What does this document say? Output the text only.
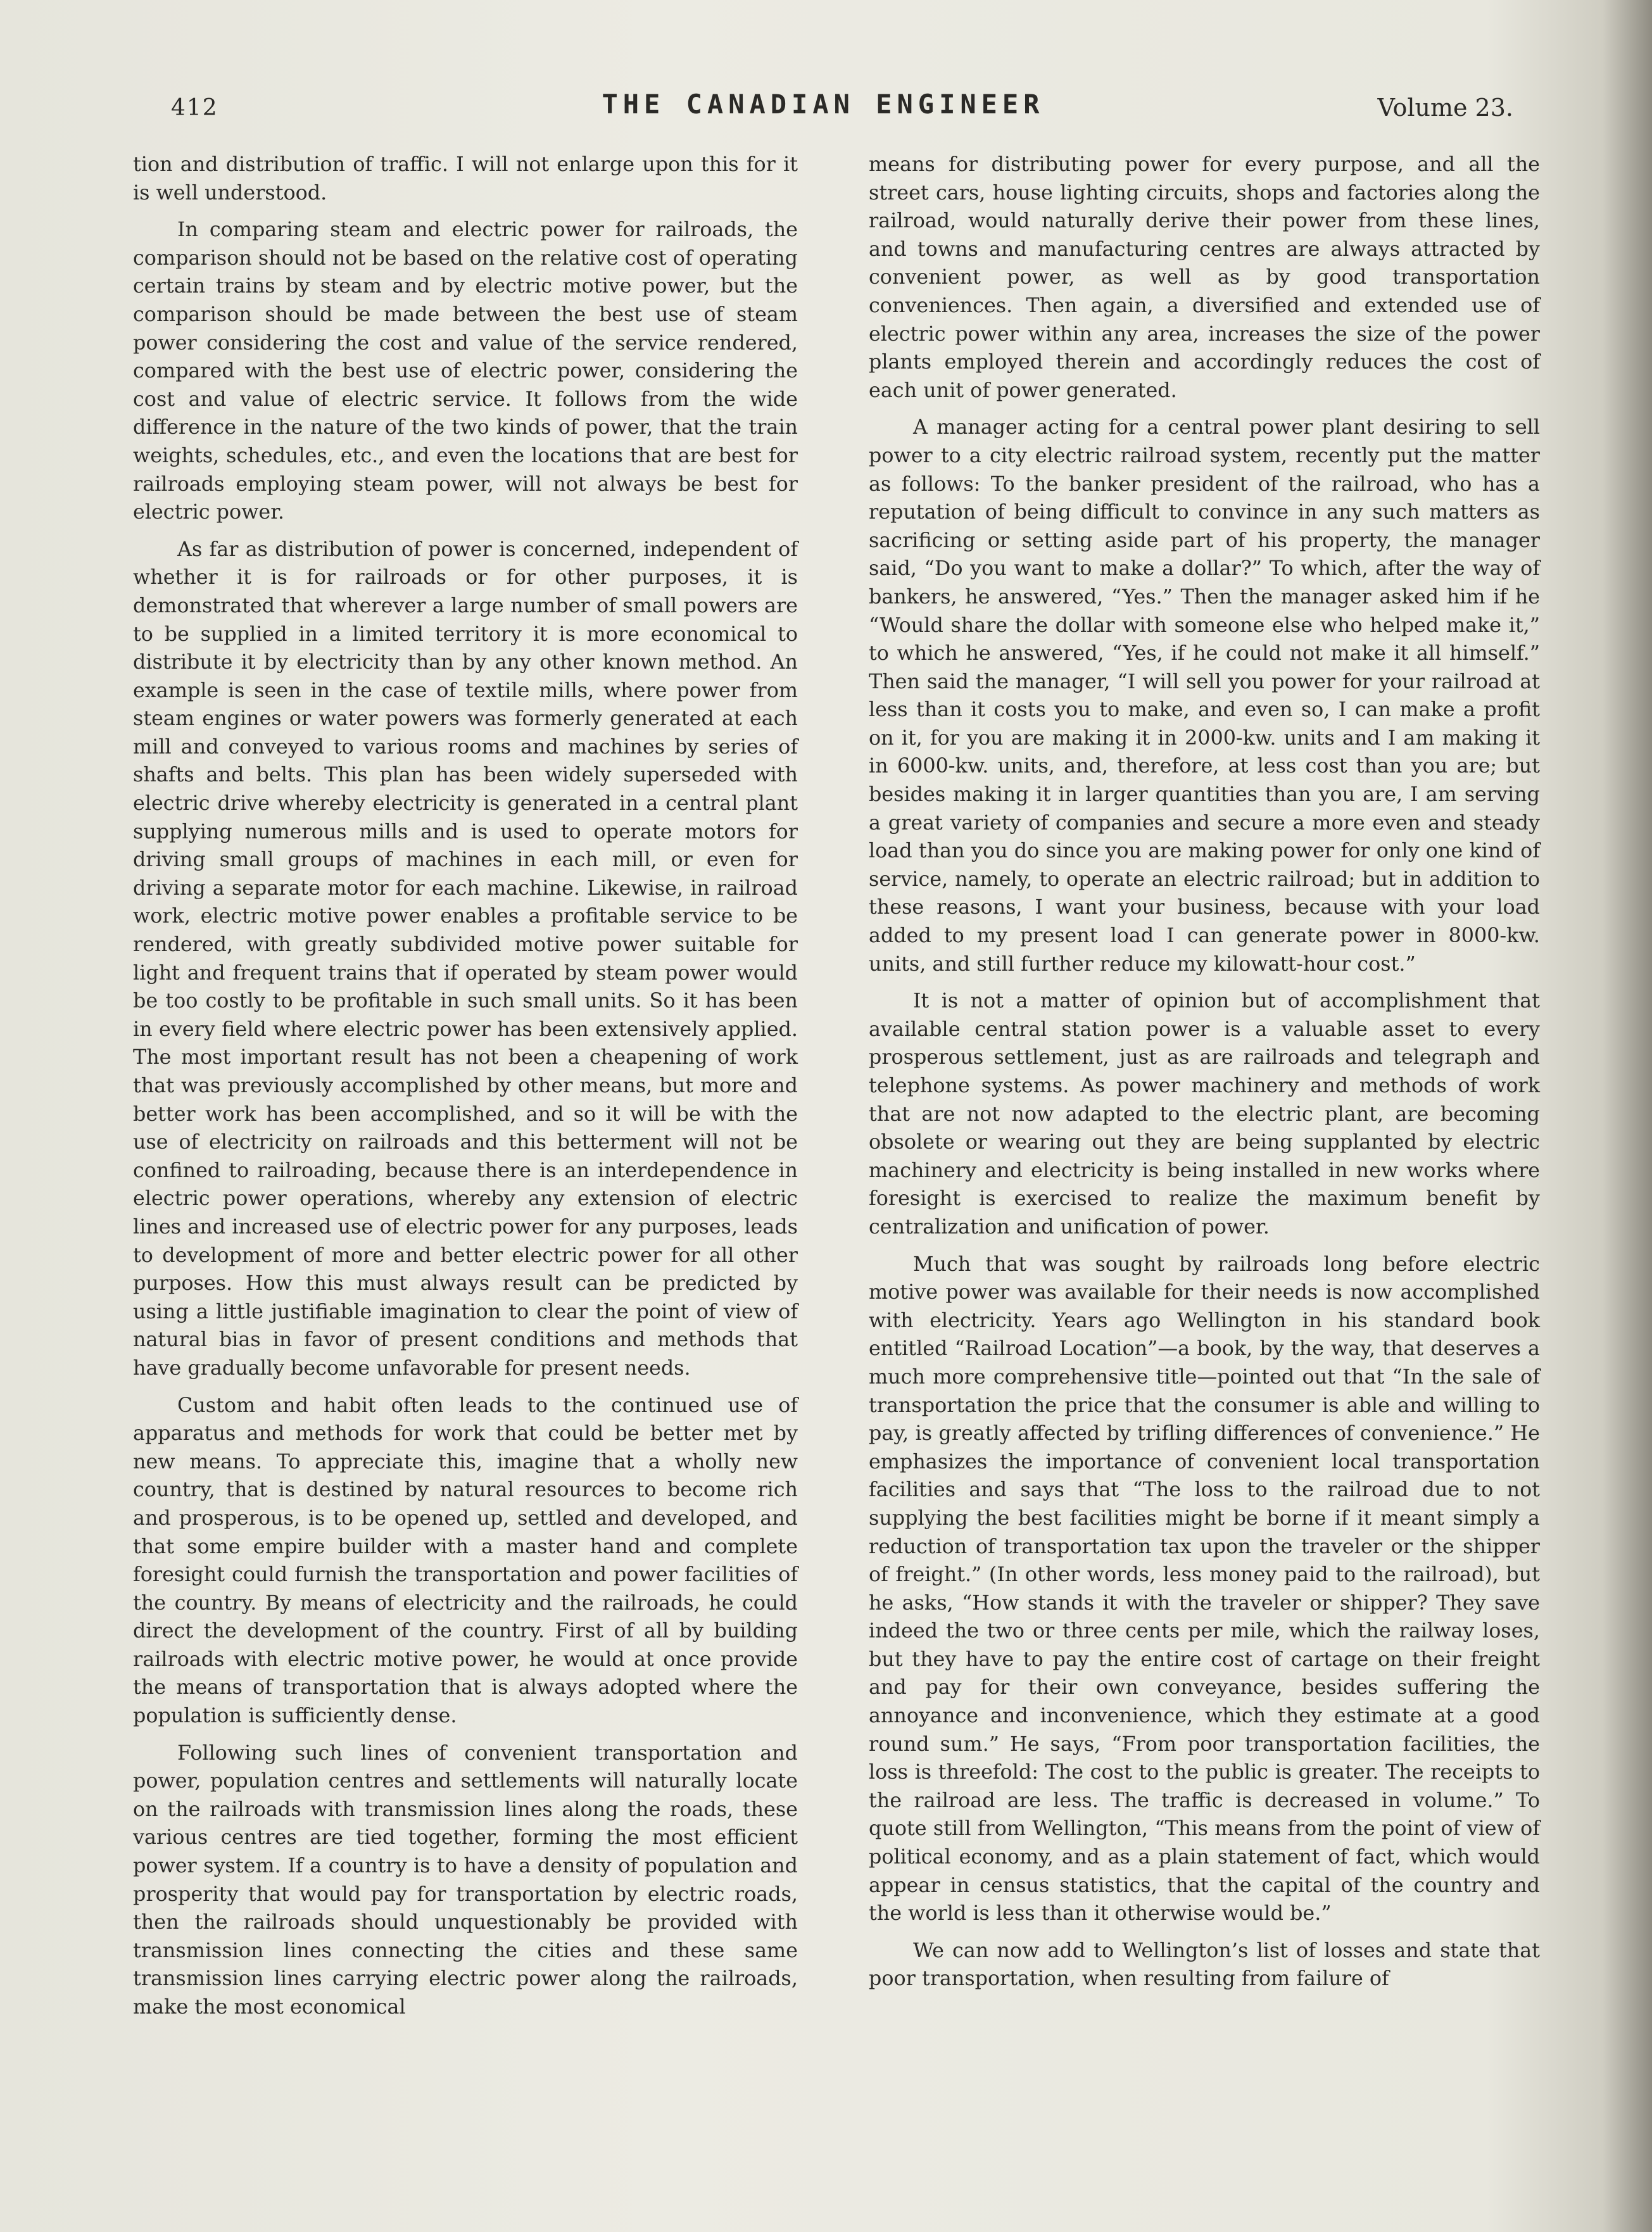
412	THE CANADIAN ENGINEER	Volume 23.

tion and distribution of traffic. I will not enlarge upon this for it is well understood.

In comparing steam and electric power for railroads, the comparison should not be based on the relative cost of operating certain trains by steam and by electric motive power, but the comparison should be made between the best use of steam power considering the cost and value of the service rendered, compared with the best use of electric power, considering the cost and value of electric service. It follows from the wide difference in the nature of the two kinds of power, that the train weights, schedules, etc., and even the locations that are best for railroads employing steam power, will not always be best for electric power.

As far as distribution of power is concerned, independent of whether it is for railroads or for other purposes, it is demonstrated that wherever a large number of small powers are to be supplied in a limited territory it is more economical to distribute it by electricity than by any other known method. An example is seen in the case of textile mills, where power from steam engines or water powers was formerly generated at each mill and conveyed to various rooms and machines by series of shafts and belts. This plan has been widely superseded with electric drive whereby electricity is generated in a central plant supplying numerous mills and is used to operate motors for driving small groups of machines in each mill, or even for driving a separate motor for each machine. Likewise, in railroad work, electric motive power enables a profitable service to be rendered, with greatly subdivided motive power suitable for light and frequent trains that if operated by steam power would be too costly to be profitable in such small units. So it has been in every field where electric power has been extensively applied. The most important result has not been a cheapening of work that was previously accomplished by other means, but more and better work has been accomplished, and so it will be with the use of electricity on railroads and this betterment will not be confined to railroading, because there is an interdependence in electric power operations, whereby any extension of electric lines and increased use of electric power for any purposes, leads to development of more and better electric power for all other purposes. How this must always result can be predicted by using a little justifiable imagination to clear the point of view of natural bias in favor of present conditions and methods that have gradually become unfavorable for present needs.

Custom and habit often leads to the continued use of apparatus and methods for work that could be better met by new means. To appreciate this, imagine that a wholly new country, that is destined by natural resources to become rich and prosperous, is to be opened up, settled and developed, and that some empire builder with a master hand and complete foresight could furnish the transportation and power facilities of the country. By means of electricity and the railroads, he could direct the development of the country. First of all by building railroads with electric motive power, he would at once provide the means of transportation that is always adopted where the population is sufficiently dense.

Following such lines of convenient transportation and power, population centres and settlements will naturally locate on the railroads with transmission lines along the roads, these various centres are tied together, forming the most efficient power system. If a country is to have a density of population and prosperity that would pay for transportation by electric roads, then the railroads should unquestionably be provided with transmission lines connecting the cities and these same transmission lines carrying electric power along the railroads, make the most economical

means for distributing power for every purpose, and all the street cars, house lighting circuits, shops and factories along the railroad, would naturally derive their power from these lines, and towns and manufacturing centres are always attracted by convenient power, as well as by good transportation conveniences. Then again, a diversified and extended use of electric power within any area, increases the size of the power plants employed therein and accordingly reduces the cost of each unit of power generated.

A manager acting for a central power plant desiring to sell power to a city electric railroad system, recently put the matter as follows: To the banker president of the railroad, who has a reputation of being difficult to convince in any such matters as sacrificing or setting aside part of his property, the manager said, “Do you want to make a dollar?” To which, after the way of bankers, he answered, “Yes.” Then the manager asked him if he “Would share the dollar with someone else who helped make it,” to which he answered, “Yes, if he could not make it all himself.” Then said the manager, “I will sell you power for your railroad at less than it costs you to make, and even so, I can make a profit on it, for you are making it in 2000-kw. units and I am making it in 6000-kw. units, and, therefore, at less cost than you are; but besides making it in larger quantities than you are, I am serving a great variety of companies and secure a more even and steady load than you do since you are making power for only one kind of service, namely, to operate an electric railroad; but in addition to these reasons, I want your business, because with your load added to my present load I can generate power in 8000-kw. units, and still further reduce my kilowatt-hour cost.”

It is not a matter of opinion but of accomplishment that available central station power is a valuable asset to every prosperous settlement, just as are railroads and telegraph and telephone systems. As power machinery and methods of work that are not now adapted to the electric plant, are becoming obsolete or wearing out they are being supplanted by electric machinery and electricity is being installed in new works where foresight is exercised to realize the maximum benefit by centralization and unification of power.

Much that was sought by railroads long before electric motive power was available for their needs is now accomplished with electricity. Years ago Wellington in his standard book entitled “Railroad Location”—a book, by the way, that deserves a much more comprehensive title—pointed out that “In the sale of transportation the price that the consumer is able and willing to pay, is greatly affected by trifling differences of convenience.” He emphasizes the importance of convenient local transportation facilities and says that “The loss to the railroad due to not supplying the best facilities might be borne if it meant simply a reduction of transportation tax upon the traveler or the shipper of freight.” (In other words, less money paid to the railroad), but he asks, “How stands it with the traveler or shipper? They save indeed the two or three cents per mile, which the railway loses, but they have to pay the entire cost of cartage on their freight and pay for their own conveyance, besides suffering the annoyance and inconvenience, which they estimate at a good round sum.” He says, “From poor transportation facilities, the loss is threefold: The cost to the public is greater. The receipts to the railroad are less. The traffic is decreased in volume.” To quote still from Wellington, “This means from the point of view of political economy, and as a plain statement of fact, which would appear in census statistics, that the capital of the country and the world is less than it otherwise would be.”

We can now add to Wellington’s list of losses and state that poor transportation, when resulting from failure of
